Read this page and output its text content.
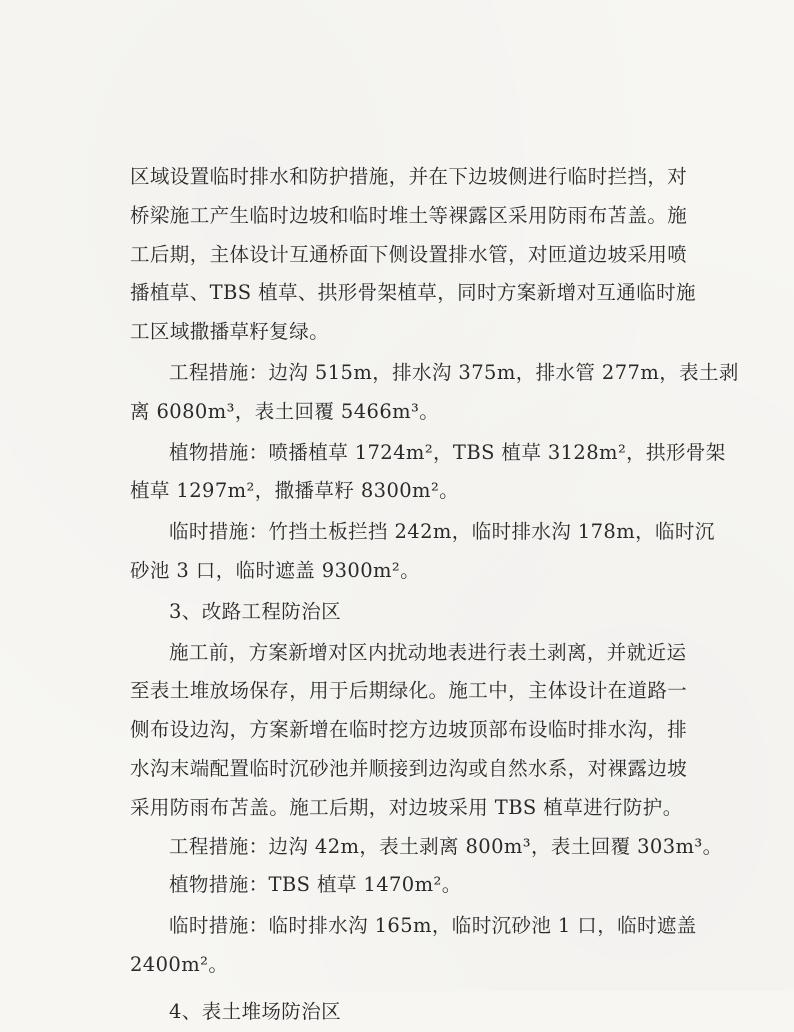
区域设置临时排水和防护措施，并在下边坡侧进行临时拦挡，对

桥梁施工产生临时边坡和临时堆土等裸露区采用防雨布苫盖。施

工后期，主体设计互通桥面下侧设置排水管，对匝道边坡采用喷

播植草、TBS 植草、拱形骨架植草，同时方案新增对互通临时施

工区域撒播草籽复绿。

工程措施：边沟 515m，排水沟 375m，排水管 277m，表土剥

离 6080m³，表土回覆 5466m³。

植物措施：喷播植草 1724m²，TBS 植草 3128m²，拱形骨架

植草 1297m²，撒播草籽 8300m²。

临时措施：竹挡土板拦挡 242m，临时排水沟 178m，临时沉

砂池 3 口，临时遮盖 9300m²。

3、改路工程防治区

施工前，方案新增对区内扰动地表进行表土剥离，并就近运

至表土堆放场保存，用于后期绿化。施工中，主体设计在道路一

侧布设边沟，方案新增在临时挖方边坡顶部布设临时排水沟，排

水沟末端配置临时沉砂池并顺接到边沟或自然水系，对裸露边坡

采用防雨布苫盖。施工后期，对边坡采用 TBS 植草进行防护。

工程措施：边沟 42m，表土剥离 800m³，表土回覆 303m³。

植物措施：TBS 植草 1470m²。

临时措施：临时排水沟 165m，临时沉砂池 1 口，临时遮盖

2400m²。

4、表土堆场防治区
